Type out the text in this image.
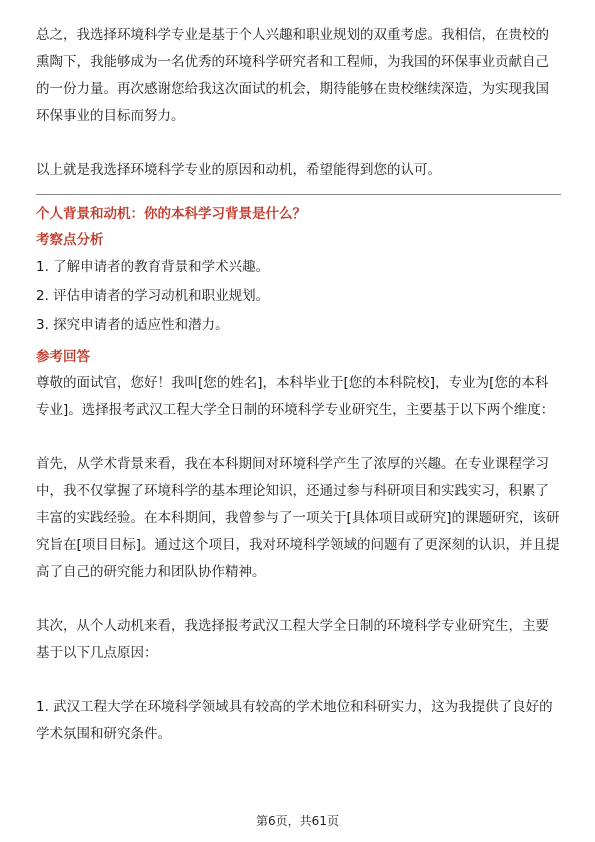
总之，我选择环境科学专业是基于个人兴趣和职业规划的双重考虑。我相信，在贵校的熏陶下，我能够成为一名优秀的环境科学研究者和工程师，为我国的环保事业贡献自己的一份力量。再次感谢您给我这次面试的机会，期待能够在贵校继续深造，为实现我国环保事业的目标而努力。

以上就是我选择环境科学专业的原因和动机，希望能得到您的认可。

个人背景和动机：你的本科学习背景是什么？

考察点分析

1. 了解申请者的教育背景和学术兴趣。
2. 评估申请者的学习动机和职业规划。
3. 探究申请者的适应性和潜力。

参考回答

尊敬的面试官，您好！我叫[您的姓名]，本科毕业于[您的本科院校]，专业为[您的本科专业]。选择报考武汉工程大学全日制的环境科学专业研究生，主要基于以下两个维度：

首先，从学术背景来看，我在本科期间对环境科学产生了浓厚的兴趣。在专业课程学习中，我不仅掌握了环境科学的基本理论知识，还通过参与科研项目和实践实习，积累了丰富的实践经验。在本科期间，我曾参与了一项关于[具体项目或研究]的课题研究，该研究旨在[项目目标]。通过这个项目，我对环境科学领域的问题有了更深刻的认识，并且提高了自己的研究能力和团队协作精神。

其次，从个人动机来看，我选择报考武汉工程大学全日制的环境科学专业研究生，主要基于以下几点原因：

1. 武汉工程大学在环境科学领域具有较高的学术地位和科研实力，这为我提供了良好的学术氛围和研究条件。

第6页，共61页
